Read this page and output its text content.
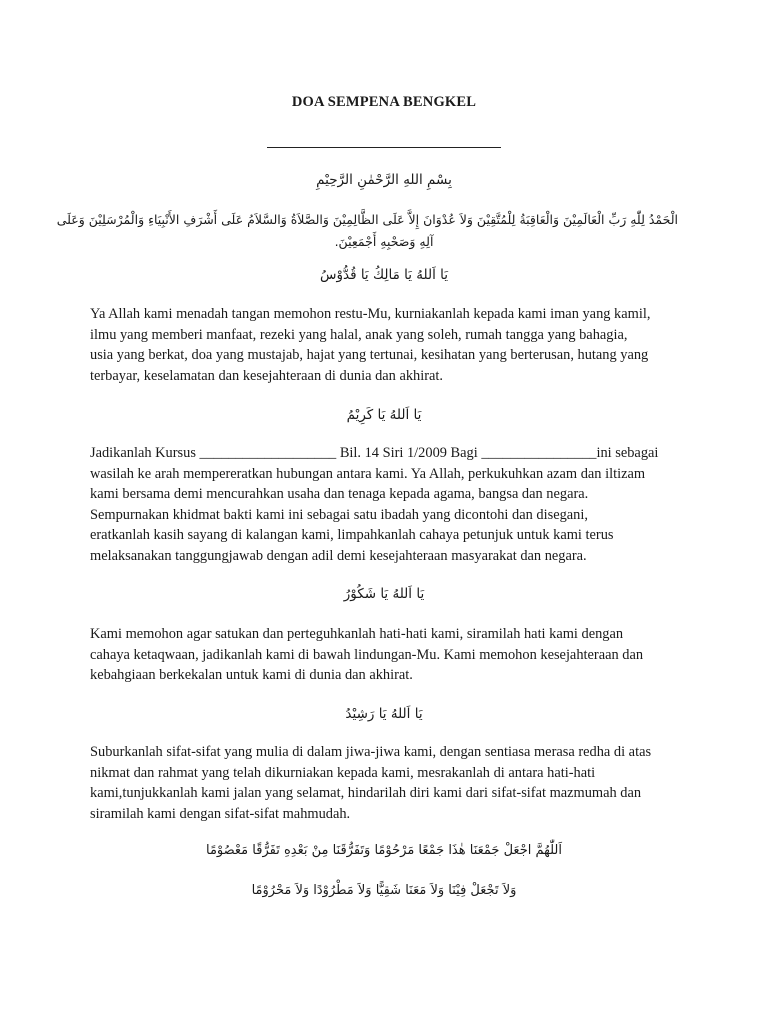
DOA SEMPENA BENGKEL
بِسْمِ اللهِ الرَّحْمٰنِ الرَّحِيْمِ
الْحَمْدُ لِلّٰهِ رَبِّ الْعَالَمِيْنَ وَالْعَاقِبَةُ لِلْمُتَّقِيْنَ وَلاَ عُدْوَانَ إِلاَّ عَلَى الظَّالِمِيْنَ وَالصَّلاَةُ وَالسَّلاَمُ عَلَى أَشْرَفِ الأَنْبِيَاءِ وَالْمُرْسَلِيْنَ وَعَلَى
آلِهِ وَصَحْبِهِ أَجْمَعِيْنَ.
يَا اَللهُ يَا مَالِكُ يَا قُدُّوْسُ
Ya Allah kami menadah tangan memohon restu-Mu, kurniakanlah kepada kami iman yang kamil,
ilmu yang memberi manfaat, rezeki yang halal, anak yang soleh, rumah tangga yang bahagia,
usia yang berkat, doa yang mustajab, hajat yang tertunai, kesihatan yang berterusan, hutang yang
terbayar, keselamatan dan kesejahteraan di dunia dan akhirat.
يَا اَللهُ يَا كَرِيْمُ
Jadikanlah Kursus ___________________ Bil. 14 Siri 1/2009 Bagi ________________ini sebagai
wasilah ke arah mempereratkan hubungan antara kami. Ya Allah, perkukuhkan azam dan iltizam
kami bersama demi mencurahkan usaha dan tenaga kepada agama, bangsa dan negara.
Sempurnakan khidmat bakti kami ini sebagai satu ibadah yang dicontohi dan disegani,
eratkanlah kasih sayang di kalangan kami, limpahkanlah cahaya petunjuk untuk kami terus
melaksanakan tanggungjawab dengan adil demi kesejahteraan masyarakat dan negara.
يَا اَللهُ يَا شَكُوْرُ
Kami memohon agar satukan dan perteguhkanlah hati-hati kami, siramilah hati kami dengan
cahaya ketaqwaan, jadikanlah kami di bawah lindungan-Mu. Kami memohon kesejahteraan dan
kebahgiaan berkekalan untuk kami di dunia dan akhirat.
يَا اَللهُ يَا رَشِيْدُ
Suburkanlah sifat-sifat yang mulia di dalam jiwa-jiwa kami, dengan sentiasa merasa redha di atas
nikmat dan rahmat yang telah dikurniakan kepada kami, mesrakanlah di antara hati-hati
kami,tunjukkanlah kami jalan yang selamat, hindarilah diri kami dari sifat-sifat mazmumah dan
siramilah kami dengan sifat-sifat mahmudah.
اَللّٰهُمَّ اجْعَلْ جَمْعَنَا هٰذَا جَمْعًا مَرْحُوْمًا وَتَفَرُّقَنَا مِنْ بَعْدِهِ تَفَرُّقًا مَعْصُوْمًا
وَلاَ تَجْعَلْ فِيْنَا وَلاَ مَعَنَا شَقِيًّا وَلاَ مَطْرُوْدًا وَلاَ مَحْرُوْمًا
